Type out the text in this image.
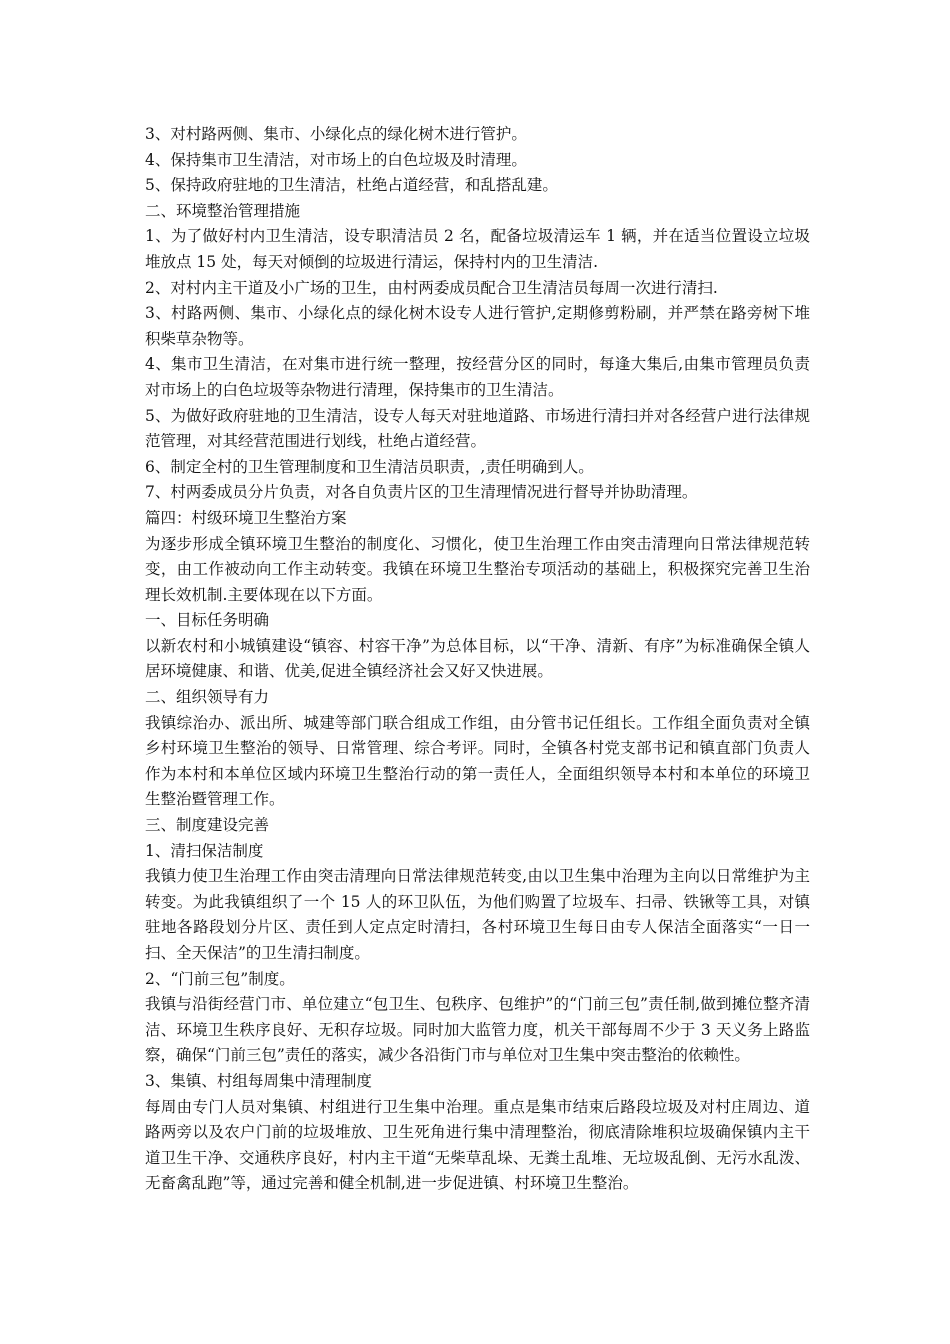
3、对村路两侧、集市、小绿化点的绿化树木进行管护。

4、保持集市卫生清洁，对市场上的白色垃圾及时清理。

5、保持政府驻地的卫生清洁，杜绝占道经营，和乱搭乱建。

二、环境整治管理措施

1、为了做好村内卫生清洁，设专职清洁员 2 名，配备垃圾清运车 1 辆，并在适当位置设立垃圾堆放点 15 处，每天对倾倒的垃圾进行清运，保持村内的卫生清洁.

2、对村内主干道及小广场的卫生，由村两委成员配合卫生清洁员每周一次进行清扫.

3、村路两侧、集市、小绿化点的绿化树木设专人进行管护,定期修剪粉刷，并严禁在路旁树下堆积柴草杂物等。

4、集市卫生清洁，在对集市进行统一整理，按经营分区的同时，每逢大集后,由集市管理员负责对市场上的白色垃圾等杂物进行清理，保持集市的卫生清洁。

5、为做好政府驻地的卫生清洁，设专人每天对驻地道路、市场进行清扫并对各经营户进行法律规范管理，对其经营范围进行划线，杜绝占道经营。

6、制定全村的卫生管理制度和卫生清洁员职责，,责任明确到人。

7、村两委成员分片负责，对各自负责片区的卫生清理情况进行督导并协助清理。

篇四：村级环境卫生整治方案

为逐步形成全镇环境卫生整治的制度化、习惯化，使卫生治理工作由突击清理向日常法律规范转变，由工作被动向工作主动转变。我镇在环境卫生整治专项活动的基础上，积极探究完善卫生治理长效机制.主要体现在以下方面。

一、目标任务明确

以新农村和小城镇建设“镇容、村容干净”为总体目标，以“干净、清新、有序”为标准确保全镇人居环境健康、和谐、优美,促进全镇经济社会又好又快进展。

二、组织领导有力

我镇综治办、派出所、城建等部门联合组成工作组，由分管书记任组长。工作组全面负责对全镇乡村环境卫生整治的领导、日常管理、综合考评。同时，全镇各村党支部书记和镇直部门负责人作为本村和本单位区域内环境卫生整治行动的第一责任人，全面组织领导本村和本单位的环境卫生整治暨管理工作。

三、制度建设完善

1、清扫保洁制度

我镇力使卫生治理工作由突击清理向日常法律规范转变,由以卫生集中治理为主向以日常维护为主转变。为此我镇组织了一个 15 人的环卫队伍，为他们购置了垃圾车、扫帚、铁锹等工具，对镇驻地各路段划分片区、责任到人定点定时清扫，各村环境卫生每日由专人保洁全面落实“一日一扫、全天保洁”的卫生清扫制度。

2、“门前三包”制度。

我镇与沿街经营门市、单位建立“包卫生、包秩序、包维护”的“门前三包”责任制,做到摊位整齐清洁、环境卫生秩序良好、无积存垃圾。同时加大监管力度，机关干部每周不少于 3 天义务上路监察，确保“门前三包”责任的落实，减少各沿街门市与单位对卫生集中突击整治的依赖性。

3、集镇、村组每周集中清理制度

每周由专门人员对集镇、村组进行卫生集中治理。重点是集市结束后路段垃圾及对村庄周边、道路两旁以及农户门前的垃圾堆放、卫生死角进行集中清理整治，彻底清除堆积垃圾确保镇内主干道卫生干净、交通秩序良好，村内主干道“无柴草乱垛、无粪土乱堆、无垃圾乱倒、无污水乱泼、无畜禽乱跑”等，通过完善和健全机制,进一步促进镇、村环境卫生整治。
